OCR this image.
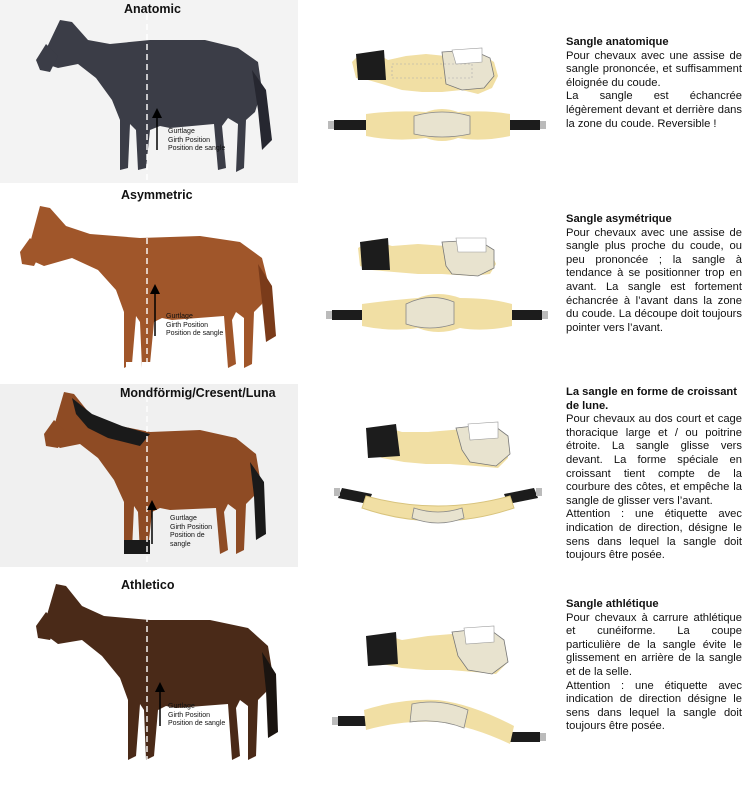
Anatomic
Gurtlage
Girth Position
Position de sangle
Sangle anatomique

Pour chevaux avec une assise de sangle prononcée, et suffisamment éloignée du coude.

La sangle est échancrée légèrement devant et derrière dans la zone du coude. Reversible !

Asymmetric
Gurtlage
Girth Position
Position de sangle
Sangle asymétrique

Pour chevaux avec une assise de sangle plus proche du coude, ou peu prononcée ; la sangle à tendance à se positionner trop en avant. La sangle est fortement échancrée à l’avant dans la zone du coude. La découpe doit toujours pointer vers l’avant.

Mondförmig/Cresent/Luna
Gurtlage
Girth Position
Position de
sangle
La sangle en forme de croissant de lune.

Pour chevaux au dos court et cage thoracique large et / ou poitrine étroite. La sangle glisse vers devant. La forme spéciale en croissant tient compte de la courbure des côtes, et empêche la sangle de glisser vers l’avant.

Attention : une étiquette avec indication de direction, désigne le sens dans lequel la sangle doit toujours être posée.

Athletico
Gurtlage
Girth Position
Position de sangle
Sangle athlétique

Pour chevaux à carrure athlétique et cunéiforme. La coupe particulière de la sangle évite le glissement en arrière de la sangle et de la selle.

Attention : une étiquette avec indication de direction désigne le sens dans lequel la sangle doit toujours être posée.
